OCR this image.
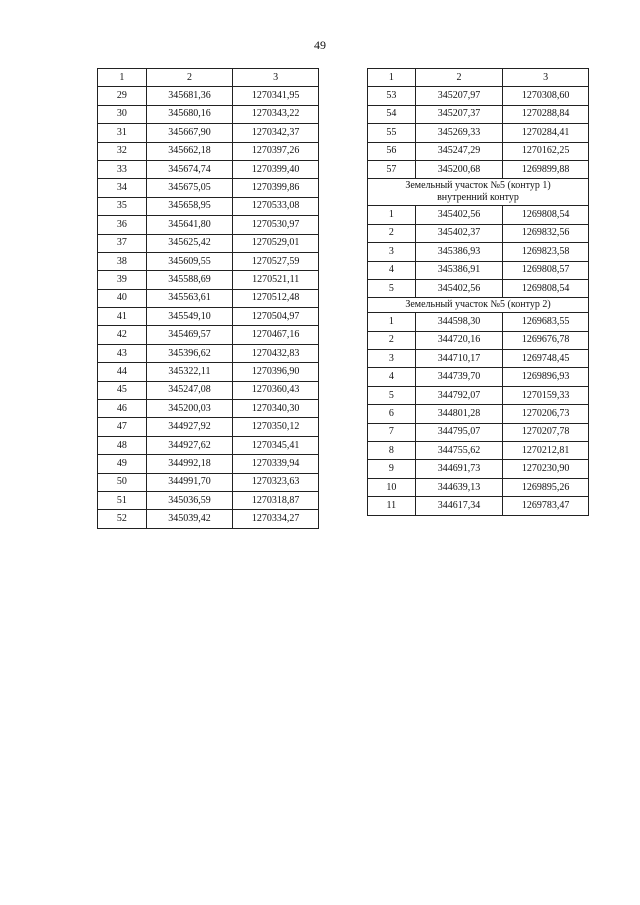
49
1	2	3
29	345681,36	1270341,95
30	345680,16	1270343,22
31	345667,90	1270342,37
32	345662,18	1270397,26
33	345674,74	1270399,40
34	345675,05	1270399,86
35	345658,95	1270533,08
36	345641,80	1270530,97
37	345625,42	1270529,01
38	345609,55	1270527,59
39	345588,69	1270521,11
40	345563,61	1270512,48
41	345549,10	1270504,97
42	345469,57	1270467,16
43	345396,62	1270432,83
44	345322,11	1270396,90
45	345247,08	1270360,43
46	345200,03	1270340,30
47	344927,92	1270350,12
48	344927,62	1270345,41
49	344992,18	1270339,94
50	344991,70	1270323,63
51	345036,59	1270318,87
52	345039,42	1270334,27
1	2	3
53	345207,97	1270308,60
54	345207,37	1270288,84
55	345269,33	1270284,41
56	345247,29	1270162,25
57	345200,68	1269899,88
Земельный участок №5 (контур 1)
внутренний контур		
1	345402,56	1269808,54
2	345402,37	1269832,56
3	345386,93	1269823,58
4	345386,91	1269808,57
5	345402,56	1269808,54
Земельный участок №5 (контур 2)		
1	344598,30	1269683,55
2	344720,16	1269676,78
3	344710,17	1269748,45
4	344739,70	1269896,93
5	344792,07	1270159,33
6	344801,28	1270206,73
7	344795,07	1270207,78
8	344755,62	1270212,81
9	344691,73	1270230,90
10	344639,13	1269895,26
11	344617,34	1269783,47
